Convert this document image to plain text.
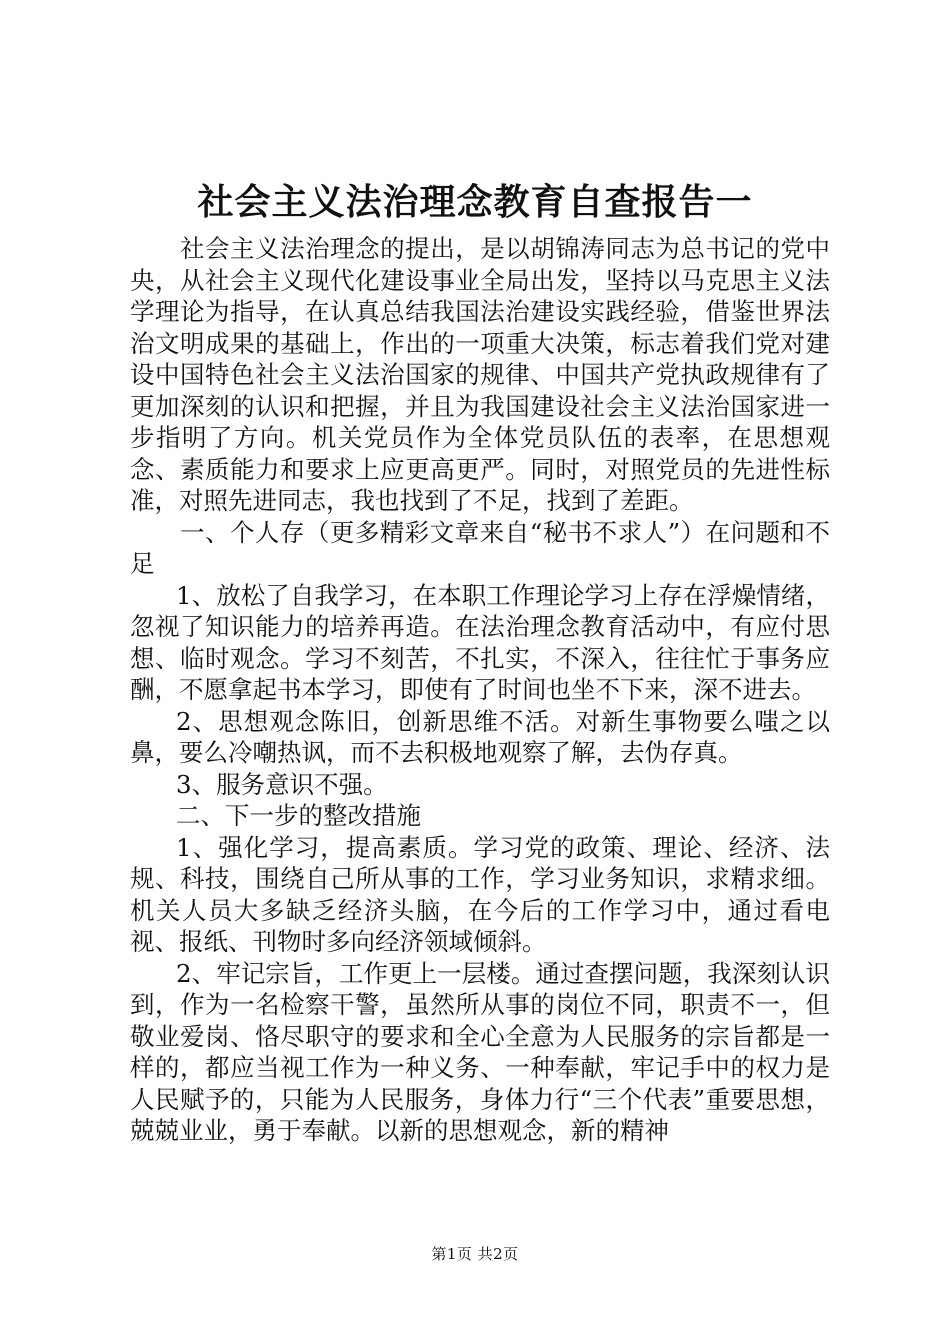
社会主义法治理念教育自查报告一

社会主义法治理念的提出，是以胡锦涛同志为总书记的党中央，从社会主义现代化建设事业全局出发，坚持以马克思主义法学理论为指导，在认真总结我国法治建设实践经验，借鉴世界法治文明成果的基础上，作出的一项重大决策，标志着我们党对建设中国特色社会主义法治国家的规律、中国共产党执政规律有了更加深刻的认识和把握，并且为我国建设社会主义法治国家进一步指明了方向。机关党员作为全体党员队伍的表率，在思想观念、素质能力和要求上应更高更严。同时，对照党员的先进性标准，对照先进同志，我也找到了不足，找到了差距。

一、个人存（更多精彩文章来自“秘书不求人”）在问题和不足

1、放松了自我学习，在本职工作理论学习上存在浮燥情绪，忽视了知识能力的培养再造。在法治理念教育活动中，有应付思想、临时观念。学习不刻苦，不扎实，不深入，往往忙于事务应酬，不愿拿起书本学习，即使有了时间也坐不下来，深不进去。

2、思想观念陈旧，创新思维不活。对新生事物要么嗤之以鼻，要么冷嘲热讽，而不去积极地观察了解，去伪存真。

3、服务意识不强。

二、下一步的整改措施

1、强化学习，提高素质。学习党的政策、理论、经济、法规、科技，围绕自己所从事的工作，学习业务知识，求精求细。机关人员大多缺乏经济头脑，在今后的工作学习中，通过看电视、报纸、刊物时多向经济领域倾斜。

2、牢记宗旨，工作更上一层楼。通过查摆问题，我深刻认识到，作为一名检察干警，虽然所从事的岗位不同，职责不一，但敬业爱岗、恪尽职守的要求和全心全意为人民服务的宗旨都是一样的，都应当视工作为一种义务、一种奉献，牢记手中的权力是人民赋予的，只能为人民服务，身体力行“三个代表”重要思想，兢兢业业，勇于奉献。以新的思想观念，新的精神

第1页 共2页
